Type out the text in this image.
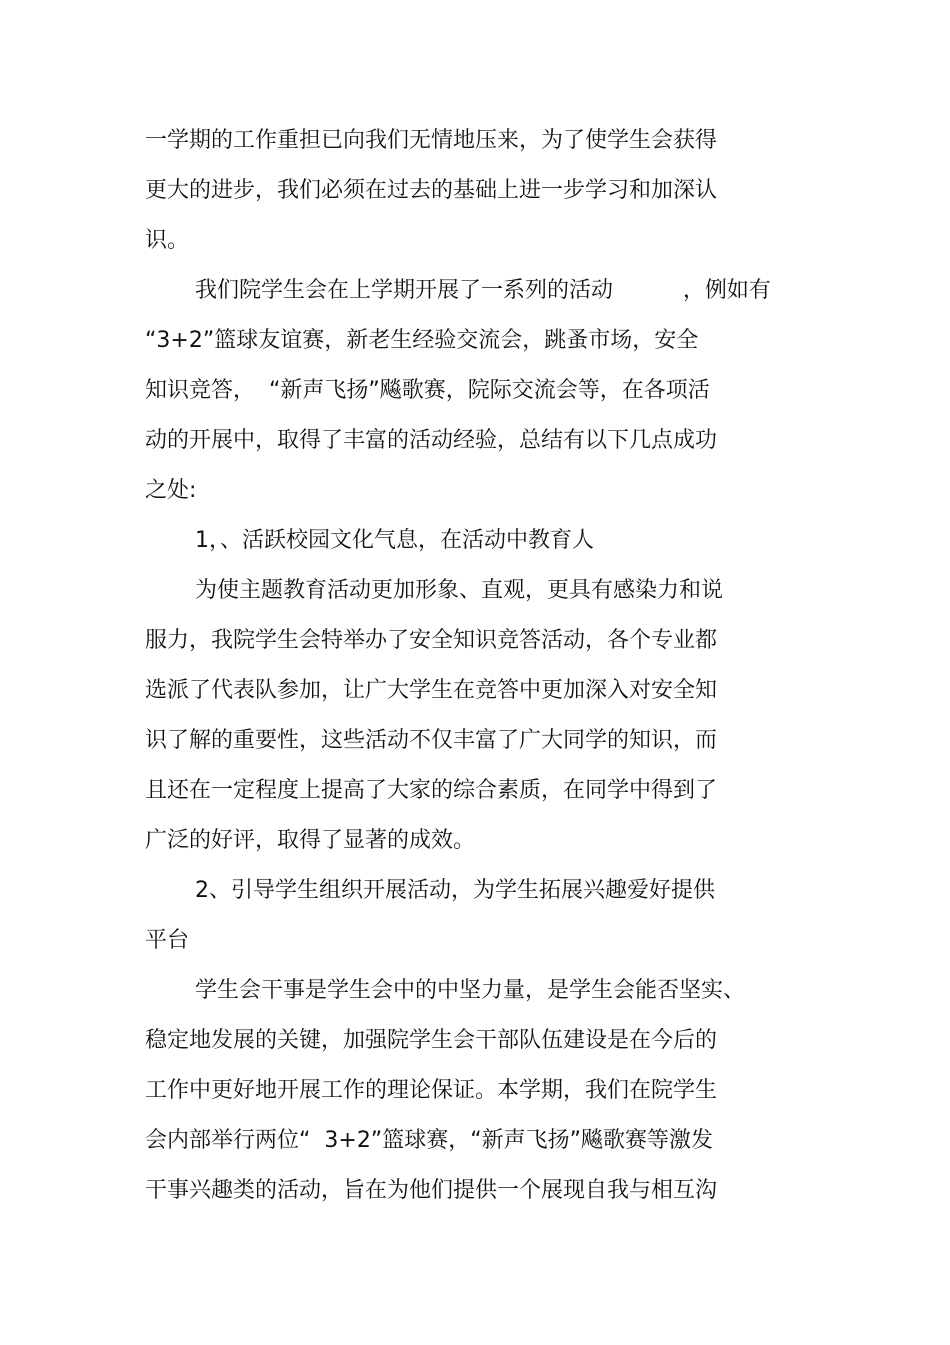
一学期的工作重担已向我们无情地压来，为了使学生会获得

更大的进步，我们必须在过去的基础上进一步学习和加深认

识。

我们院学生会在上学期开展了一系列的活动          ，例如有

“3+2”篮球友谊赛，新老生经验交流会，跳蚤市场，安全

知识竞答，  “新声飞扬”飚歌赛，院际交流会等，在各项活

动的开展中，取得了丰富的活动经验，总结有以下几点成功

之处:

1，、活跃校园文化气息，在活动中教育人

为使主题教育活动更加形象、直观，更具有感染力和说

服力，我院学生会特举办了安全知识竞答活动，各个专业都

选派了代表队参加，让广大学生在竞答中更加深入对安全知

识了解的重要性，这些活动不仅丰富了广大同学的知识，而

且还在一定程度上提高了大家的综合素质，在同学中得到了

广泛的好评，取得了显著的成效。

2、引导学生组织开展活动，为学生拓展兴趣爱好提供

平台

学生会干事是学生会中的中坚力量，是学生会能否坚实、

稳定地发展的关键，加强院学生会干部队伍建设是在今后的

工作中更好地开展工作的理论保证。本学期，我们在院学生

会内部举行两位“  3+2”篮球赛，“新声飞扬”飚歌赛等激发

干事兴趣类的活动，旨在为他们提供一个展现自我与相互沟
